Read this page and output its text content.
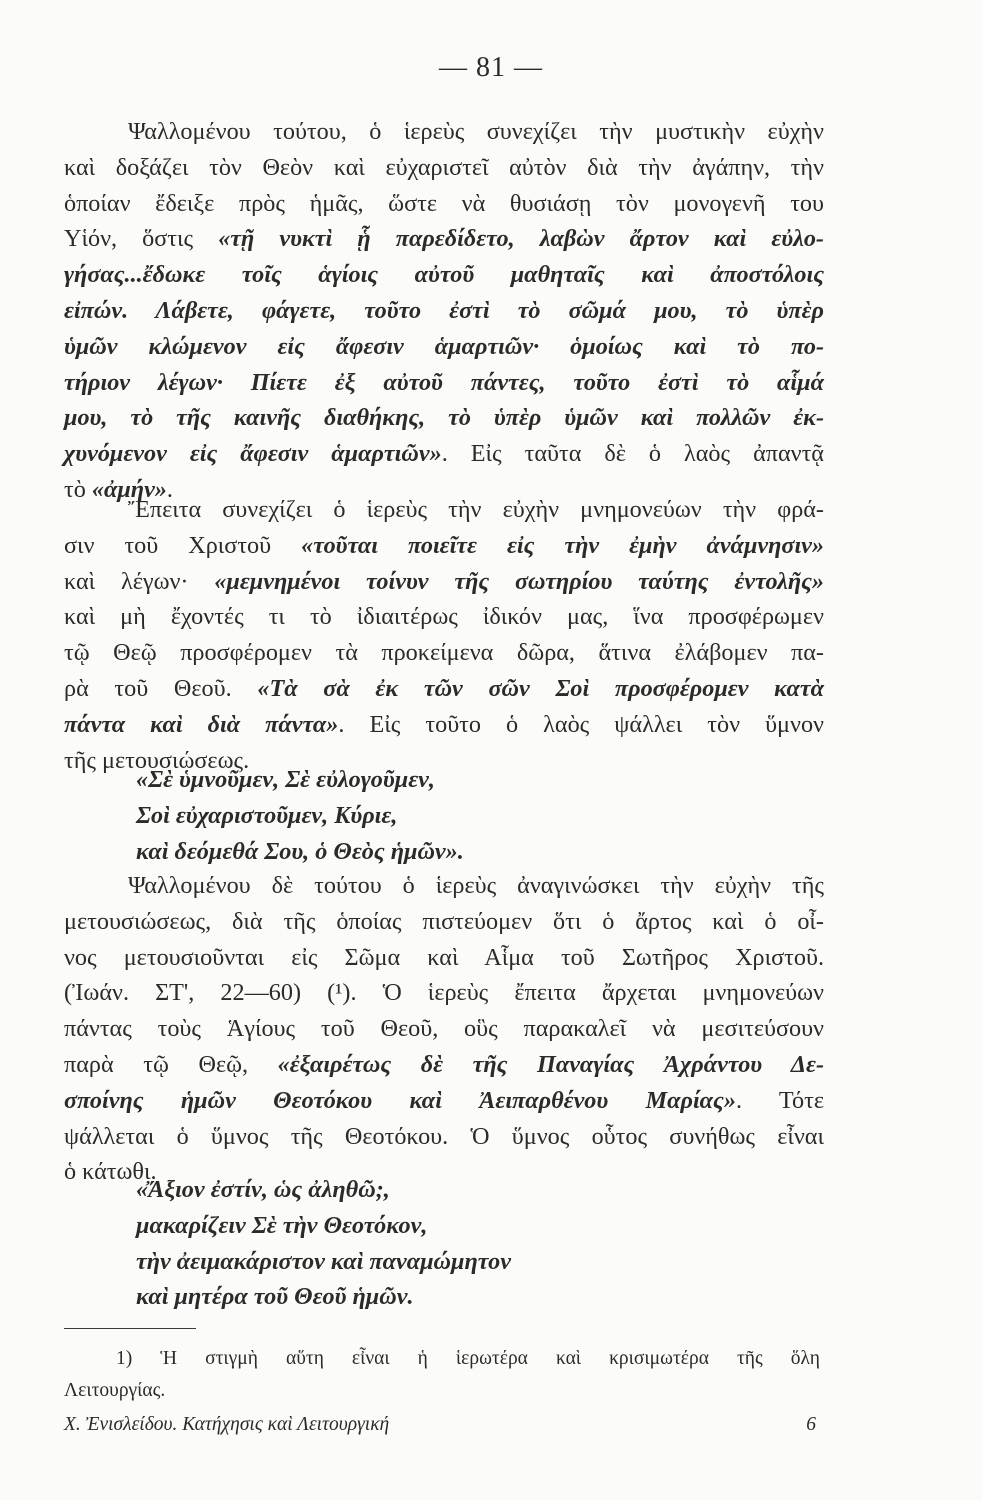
— 81 —
Ψαλλομένου τούτου, ὁ ἱερεὺς συνεχίζει τὴν μυστικὴν εὐχὴν
καὶ δοξάζει τὸν Θεὸν καὶ εὐχαριστεῖ αὐτὸν διὰ τὴν ἀγάπην, τὴν
ὁποίαν ἔδειξε πρὸς ἡμᾶς, ὥστε νὰ θυσιάσῃ τὸν μονογενῆ του
Υἱόν, ὅστις «τῇ νυκτὶ ᾗ παρεδίδετο, λαβὼν ἄρτον καὶ εὐλο-
γήσας...ἔδωκε τοῖς ἁγίοις αὐτοῦ μαθηταῖς καὶ ἀποστόλοις
εἰπών. Λάβετε, φάγετε, τοῦτο ἐστὶ τὸ σῶμά μου, τὸ ὑπὲρ
ὑμῶν κλώμενον εἰς ἄφεσιν ἁμαρτιῶν· ὁμοίως καὶ τὸ πο-
τήριον λέγων· Πίετε ἐξ αὐτοῦ πάντες, τοῦτο ἐστὶ τὸ αἷμά
μου, τὸ τῆς καινῆς διαθήκης, τὸ ὑπὲρ ὑμῶν καὶ πολλῶν ἐκ-
χυνόμενον εἰς ἄφεσιν ἁμαρτιῶν». Εἰς ταῦτα δὲ ὁ λαὸς ἀπαντᾷ
τὸ «ἀμήν».
Ἔπειτα συνεχίζει ὁ ἱερεὺς τὴν εὐχὴν μνημονεύων τὴν φρά-
σιν τοῦ Χριστοῦ «τοῦται ποιεῖτε εἰς τὴν ἐμὴν ἀνάμνησιν»
καὶ λέγων· «μεμνημένοι τοίνυν τῆς σωτηρίου ταύτης ἐντολῆς»
καὶ μὴ ἔχοντές τι τὸ ἰδιαιτέρως ἰδικόν μας, ἵνα προσφέρωμεν
τῷ Θεῷ προσφέρομεν τὰ προκείμενα δῶρα, ἅτινα ἐλάβομεν πα-
ρὰ τοῦ Θεοῦ. «Τὰ σὰ ἐκ τῶν σῶν Σοὶ προσφέρομεν κατὰ
πάντα καὶ διὰ πάντα». Εἰς τοῦτο ὁ λαὸς ψάλλει τὸν ὕμνον
τῆς μετουσιώσεως.
«Σὲ ὑμνοῦμεν, Σὲ εὐλογοῦμεν,
Σοὶ εὐχαριστοῦμεν, Κύριε,
καὶ δεόμεθά Σου, ὁ Θεὸς ἡμῶν».
Ψαλλομένου δὲ τούτου ὁ ἱερεὺς ἀναγινώσκει τὴν εὐχὴν τῆς
μετουσιώσεως, διὰ τῆς ὁποίας πιστεύομεν ὅτι ὁ ἄρτος καὶ ὁ οἶ-
νος μετουσιοῦνται εἰς Σῶμα καὶ Αἷμα τοῦ Σωτῆρος Χριστοῦ.
(Ἰωάν. ΣΤ', 22—60) (¹). Ὁ ἱερεὺς ἔπειτα ἄρχεται μνημονεύων
πάντας τοὺς Ἁγίους τοῦ Θεοῦ, οὓς παρακαλεῖ νὰ μεσιτεύσουν
παρὰ τῷ Θεῷ, «ἐξαιρέτως δὲ τῆς Παναγίας Ἀχράντου Δε-
σποίνης ἡμῶν Θεοτόκου καὶ Ἀειπαρθένου Μαρίας». Τότε
ψάλλεται ὁ ὕμνος τῆς Θεοτόκου. Ὁ ὕμνος οὗτος συνήθως εἶναι
ὁ κάτωθι.
«Ἄξιον ἐστίν, ὡς ἀληθῶ;,
μακαρίζειν Σὲ τὴν Θεοτόκον,
τὴν ἀειμακάριστον καὶ παναμώμητον
καὶ μητέρα τοῦ Θεοῦ ἡμῶν.
1) Ἡ στιγμὴ αὕτη εἶναι ἡ ἱερωτέρα καὶ κρισιμωτέρα τῆς ὅλη
Λειτουργίας.
Χ. Ἐνισλείδου. Κατήχησις καὶ Λειτουργική	6
